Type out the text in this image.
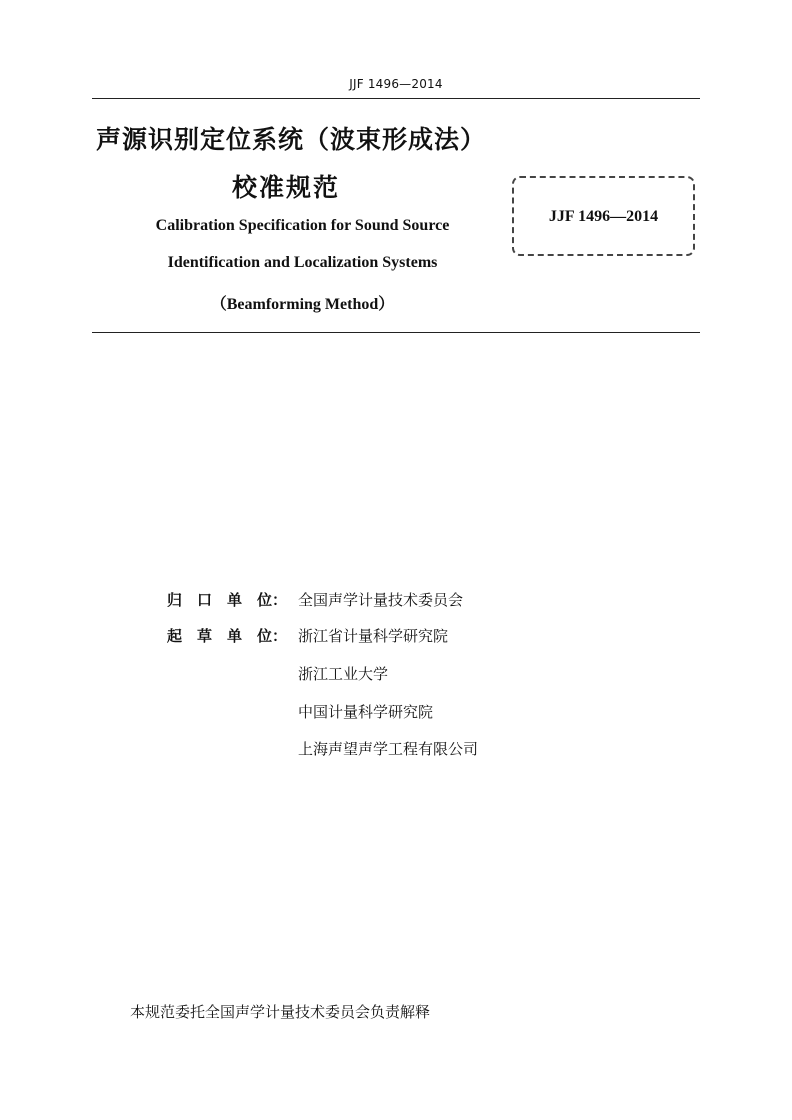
JJF 1496—2014
声源识别定位系统（波束形成法）
校准规范
Calibration Specification for Sound Source
Identification and Localization Systems
（Beamforming Method）
JJF 1496—2014
归 口 单 位： 全国声学计量技术委员会
起 草 单 位： 浙江省计量科学研究院
浙江工业大学
中国计量科学研究院
上海声望声学工程有限公司
本规范委托全国声学计量技术委员会负责解释
